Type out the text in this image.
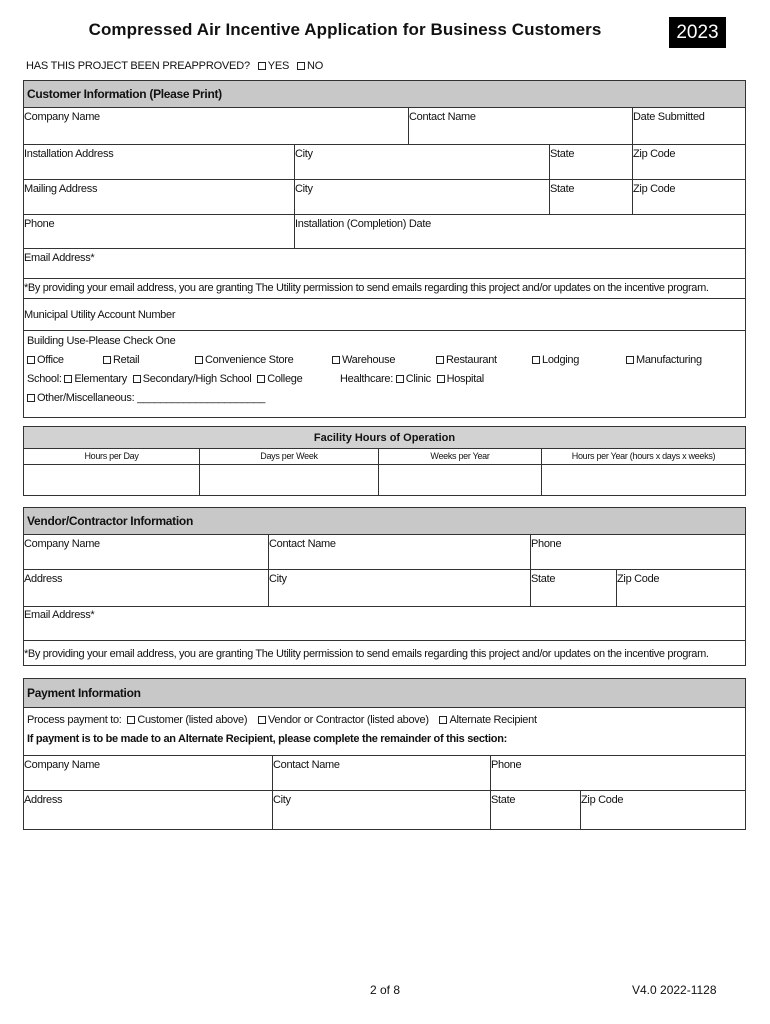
Compressed Air Incentive Application for Business Customers	2023
HAS THIS PROJECT BEEN PREAPPROVED? YES NO
Customer Information (Please Print)
Company Name	Contact Name	Date Submitted
Installation Address	City	State	Zip Code
Mailing Address	City	State	Zip Code
Phone	Installation (Completion) Date
Email Address*
*By providing your email address, you are granting The Utility permission to send emails regarding this project and/or updates on the incentive program.
Municipal Utility Account Number
Building Use-Please Check One
Office	Retail	Convenience Store	Warehouse	Restaurant	Lodging	Manufacturing
School: Elementary Secondary/High School College	Healthcare: Clinic Hospital
Other/Miscellaneous: ______________________
Facility Hours of Operation
Hours per Day	Days per Week	Weeks per Year	Hours per Year (hours x days x weeks)
Vendor/Contractor Information
Company Name	Contact Name	Phone
Address	City	State	Zip Code
Email Address*
*By providing your email address, you are granting The Utility permission to send emails regarding this project and/or updates on the incentive program.
Payment Information
Process payment to: Customer (listed above) Vendor or Contractor (listed above) Alternate Recipient
If payment is to be made to an Alternate Recipient, please complete the remainder of this section:
Company Name	Contact Name	Phone
Address	City	State	Zip Code
2 of 8	V4.0 2022-1128
